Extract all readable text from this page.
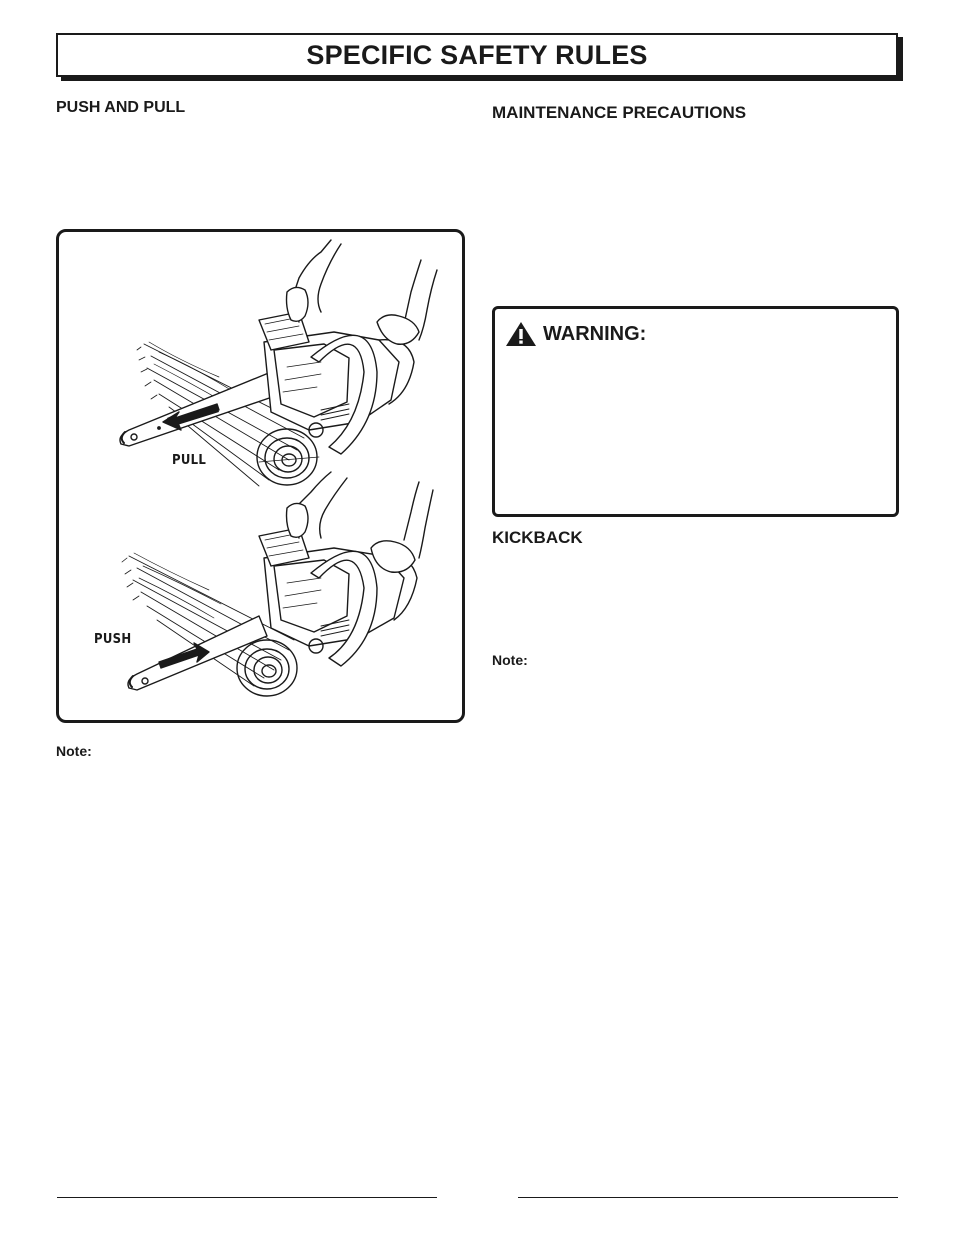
SPECIFIC SAFETY RULES
PUSH AND PULL
PULL
PUSH
Note:
MAINTENANCE PRECAUTIONS
WARNING:
KICKBACK
Note:
